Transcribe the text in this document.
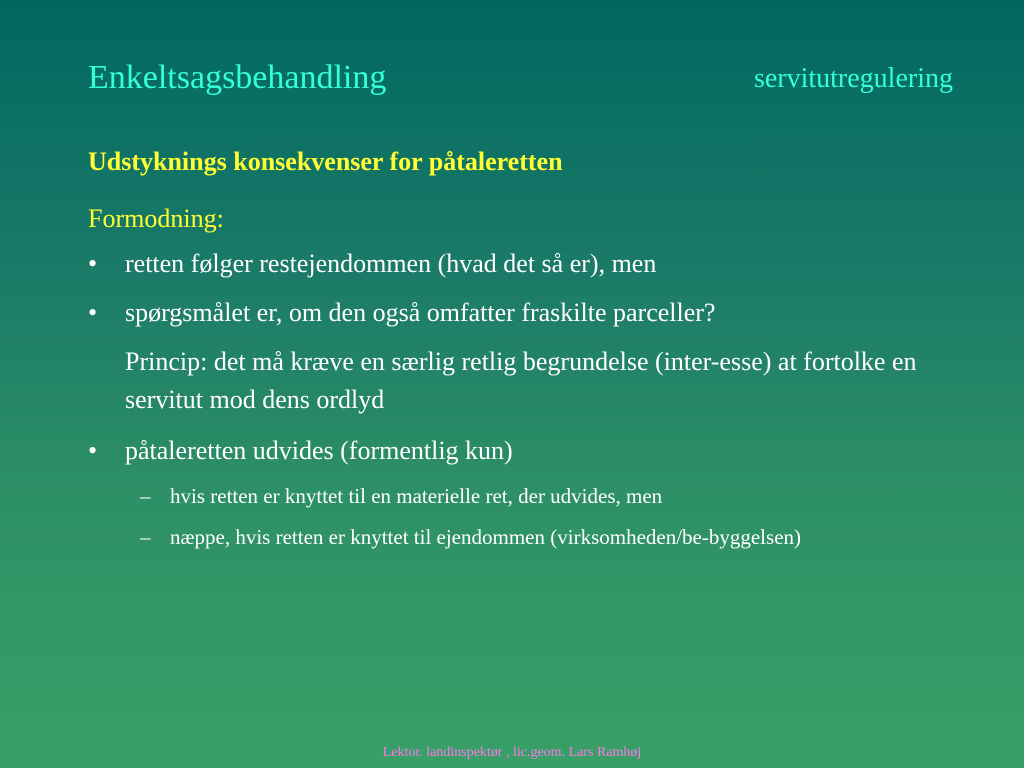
Enkeltsagsbehandling	servitutregulering
Udstyknings konsekvenser for påtaleretten
Formodning:
• retten følger restejendommen (hvad det så er), men
• spørgsmålet er, om den også omfatter fraskilte parceller?
Princip: det må kræve en særlig retlig begrundelse (inter-esse) at fortolke en servitut mod dens ordlyd
• påtaleretten udvides (formentlig kun)
– hvis retten er knyttet til en materielle ret, der udvides, men
– næppe, hvis retten er knyttet til ejendommen (virksomheden/be-byggelsen)
Lektor. landinspektør , lic.geom. Lars Ramhøj
